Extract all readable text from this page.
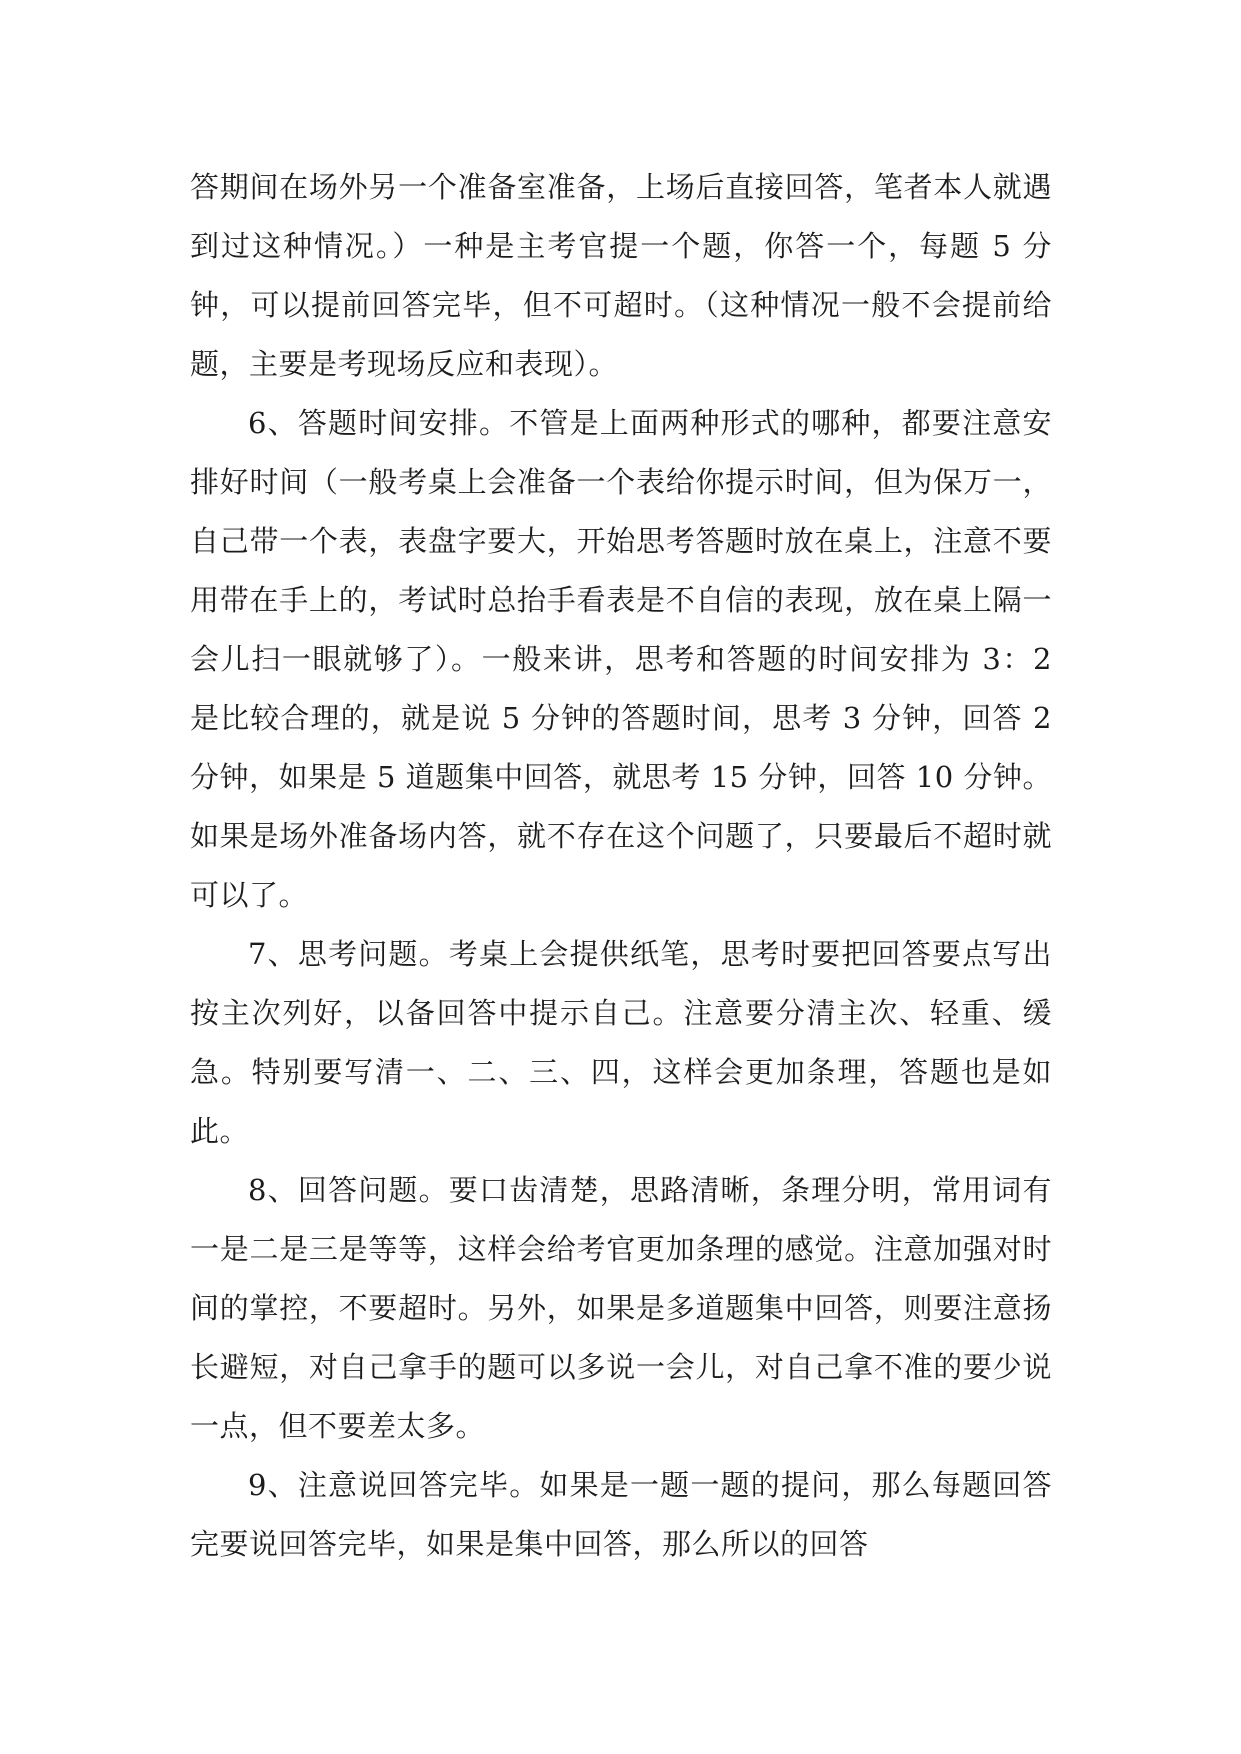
答期间在场外另一个准备室准备，上场后直接回答，笔者本人就遇到过这种情况。）一种是主考官提一个题，你答一个，每题 5 分钟，可以提前回答完毕，但不可超时。（这种情况一般不会提前给题，主要是考现场反应和表现）。

6、答题时间安排。不管是上面两种形式的哪种，都要注意安排好时间（一般考桌上会准备一个表给你提示时间，但为保万一，自己带一个表，表盘字要大，开始思考答题时放在桌上，注意不要用带在手上的，考试时总抬手看表是不自信的表现，放在桌上隔一会儿扫一眼就够了）。一般来讲，思考和答题的时间安排为 3：2 是比较合理的，就是说 5 分钟的答题时间，思考 3 分钟，回答 2 分钟，如果是 5 道题集中回答，就思考 15 分钟，回答 10 分钟。如果是场外准备场内答，就不存在这个问题了，只要最后不超时就可以了。

7、思考问题。考桌上会提供纸笔，思考时要把回答要点写出按主次列好，以备回答中提示自己。注意要分清主次、轻重、缓急。特别要写清一、二、三、四，这样会更加条理，答题也是如此。

8、回答问题。要口齿清楚，思路清晰，条理分明，常用词有一是二是三是等等，这样会给考官更加条理的感觉。注意加强对时间的掌控，不要超时。另外，如果是多道题集中回答，则要注意扬长避短，对自己拿手的题可以多说一会儿，对自己拿不准的要少说一点，但不要差太多。

9、注意说回答完毕。如果是一题一题的提问，那么每题回答完要说回答完毕，如果是集中回答，那么所以的回答
